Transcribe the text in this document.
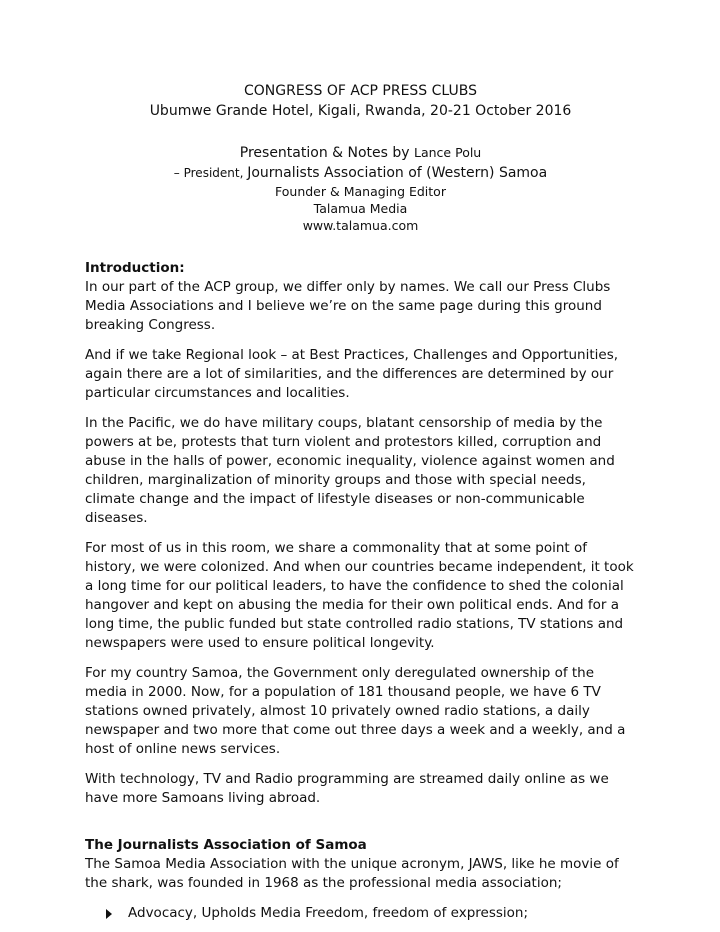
CONGRESS OF ACP PRESS CLUBS

Ubumwe Grande Hotel, Kigali, Rwanda, 20-21 October 2016

Presentation & Notes by Lance Polu

– President, Journalists Association of (Western) Samoa

Founder & Managing Editor

Talamua Media

www.talamua.com

Introduction:

In our part of the ACP group, we differ only by names. We call our Press Clubs Media Associations and I believe we’re on the same page during this ground breaking Congress.

And if we take Regional look – at Best Practices, Challenges and Opportunities, again there are a lot of similarities, and the differences are determined by our particular circumstances and localities.

In the Pacific, we do have military coups, blatant censorship of media by the powers at be, protests that turn violent and protestors killed, corruption and abuse in the halls of power, economic inequality, violence against women and children, marginalization of minority groups and those with special needs, climate change and the impact of lifestyle diseases or non-communicable diseases.

For most of us in this room, we share a commonality that at some point of history, we were colonized. And when our countries became independent, it took a long time for our political leaders, to have the confidence to shed the colonial hangover and kept on abusing the media for their own political ends. And for a long time, the public funded but state controlled radio stations, TV stations and newspapers were used to ensure political longevity.

For my country Samoa, the Government only deregulated ownership of the media in 2000. Now, for a population of 181 thousand people, we have 6 TV stations owned privately, almost 10 privately owned radio stations, a daily newspaper and two more that come out three days a week and a weekly, and a host of online news services.

With technology, TV and Radio programming are streamed daily online as we have more Samoans living abroad.

The Journalists Association of Samoa

The Samoa Media Association with the unique acronym, JAWS, like he movie of the shark, was founded in 1968 as the professional media association;

Advocacy, Upholds Media Freedom, freedom of expression;
